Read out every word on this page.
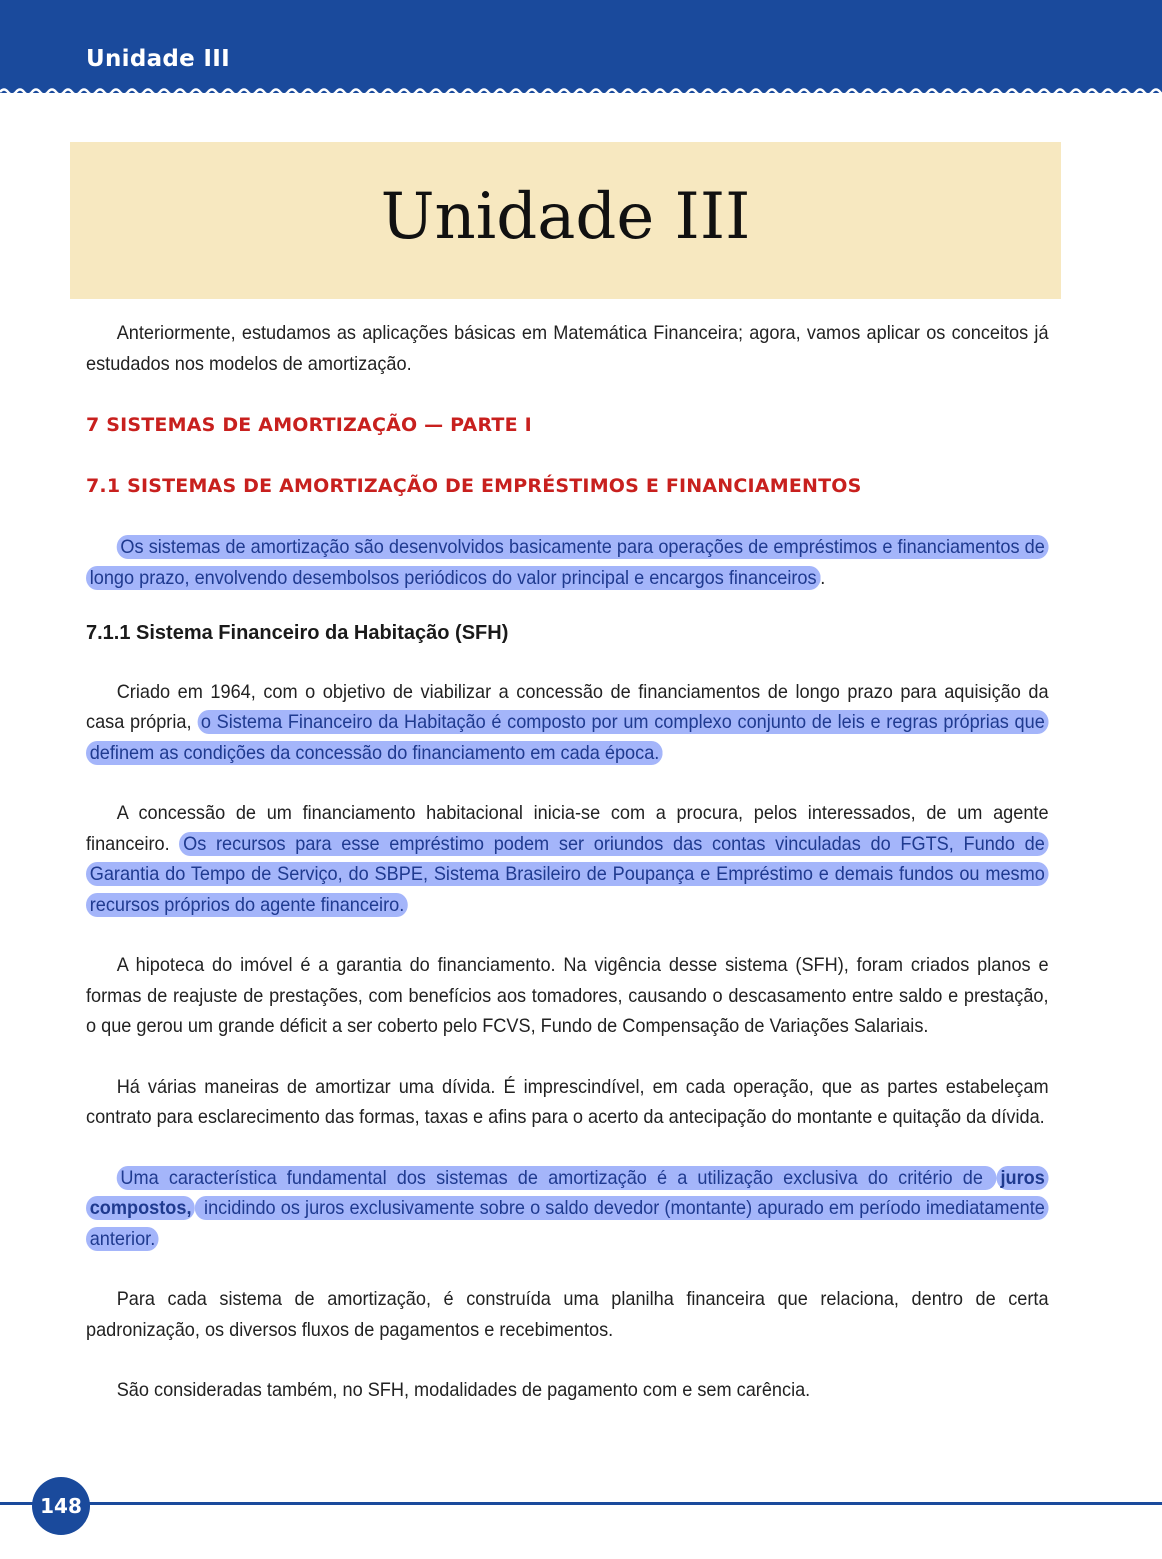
Unidade III
Unidade III

Anteriormente, estudamos as aplicações básicas em Matemática Financeira; agora, vamos aplicar os conceitos já estudados nos modelos de amortização.

7 SISTEMAS DE AMORTIZAÇÃO — PARTE I
7.1 SISTEMAS DE AMORTIZAÇÃO DE EMPRÉSTIMOS E FINANCIAMENTOS

Os sistemas de amortização são desenvolvidos basicamente para operações de empréstimos e financiamentos de longo prazo, envolvendo desembolsos periódicos do valor principal e encargos financeiros .

7.1.1 Sistema Financeiro da Habitação (SFH)

Criado em 1964, com o objetivo de viabilizar a concessão de financiamentos de longo prazo para aquisição da casa própria, o Sistema Financeiro da Habitação é composto por um complexo conjunto de leis e regras próprias que definem as condições da concessão do financiamento em cada época.

A concessão de um financiamento habitacional inicia-se com a procura, pelos interessados, de um agente financeiro. Os recursos para esse empréstimo podem ser oriundos das contas vinculadas do FGTS, Fundo de Garantia do Tempo de Serviço, do SBPE, Sistema Brasileiro de Poupança e Empréstimo e demais fundos ou mesmo recursos próprios do agente financeiro.

A hipoteca do imóvel é a garantia do financiamento. Na vigência desse sistema (SFH), foram criados planos e formas de reajuste de prestações, com benefícios aos tomadores, causando o descasamento entre saldo e prestação, o que gerou um grande déficit a ser coberto pelo FCVS, Fundo de Compensação de Variações Salariais.

Há várias maneiras de amortizar uma dívida. É imprescindível, em cada operação, que as partes estabeleçam contrato para esclarecimento das formas, taxas e afins para o acerto da antecipação do montante e quitação da dívida.

Uma característica fundamental dos sistemas de amortização é a utilização exclusiva do critério de juros compostos, incidindo os juros exclusivamente sobre o saldo devedor (montante) apurado em período imediatamente anterior.

Para cada sistema de amortização, é construída uma planilha financeira que relaciona, dentro de certa padronização, os diversos fluxos de pagamentos e recebimentos.

São consideradas também, no SFH, modalidades de pagamento com e sem carência.

148
